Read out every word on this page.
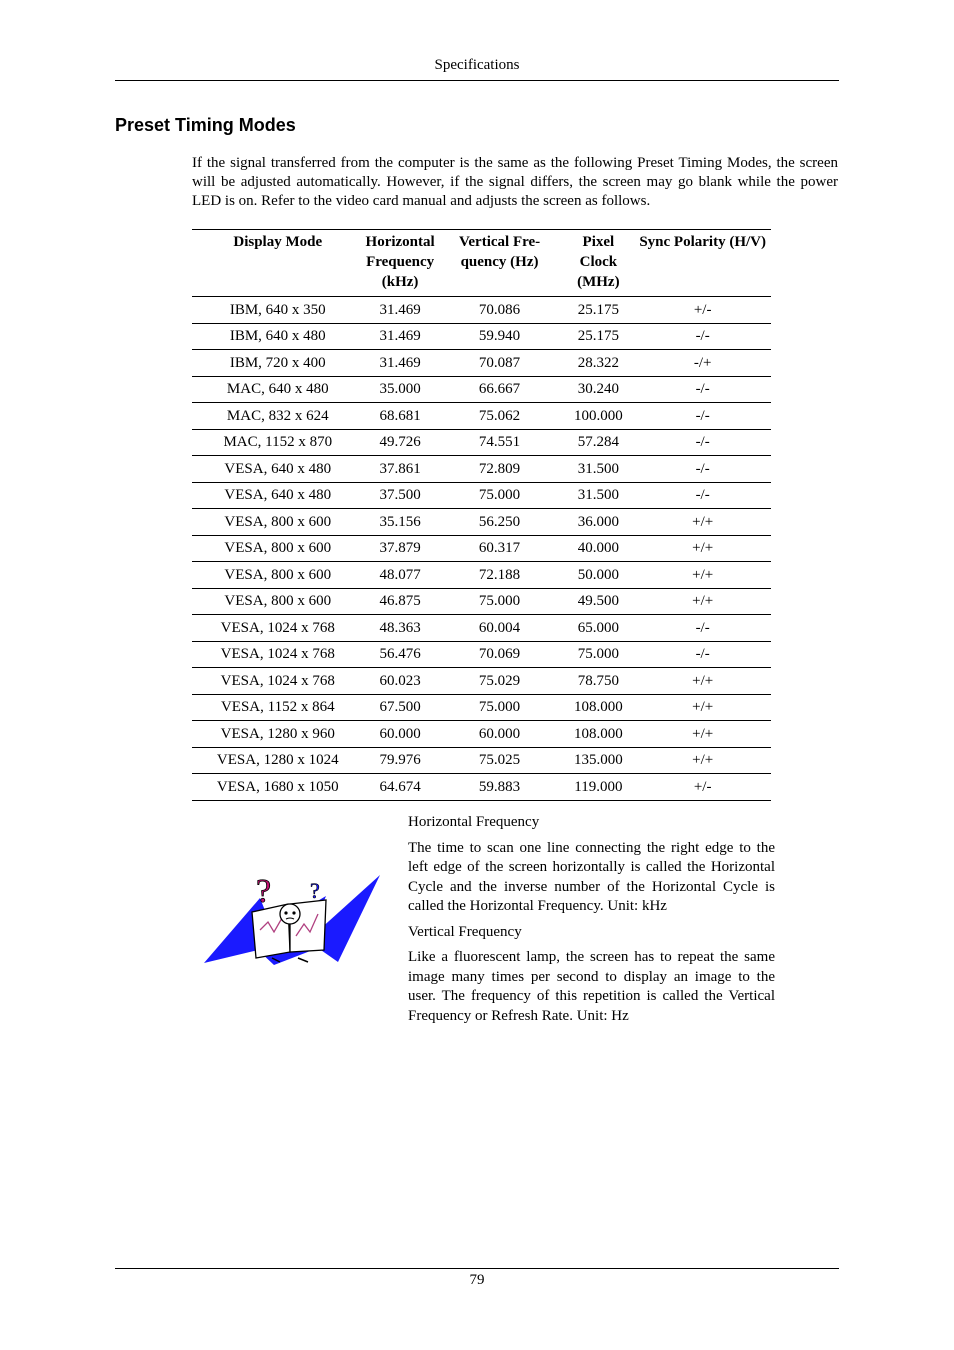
Specifications
Preset Timing Modes

If the signal transferred from the computer is the same as the following Preset Timing Modes, the screen will be adjusted automatically. However, if the signal differs, the screen may go blank while the power LED is on. Refer to the video card manual and adjusts the screen as follows.

Display Mode	Horizontal Frequency (kHz)	Vertical Fre-quency (Hz)	Pixel Clock (MHz)	Sync Polarity (H/V)
IBM, 640 x 350	31.469	70.086	25.175	+/-
IBM, 640 x 480	31.469	59.940	25.175	-/-
IBM, 720 x 400	31.469	70.087	28.322	-/+
MAC, 640 x 480	35.000	66.667	30.240	-/-
MAC, 832 x 624	68.681	75.062	100.000	-/-
MAC, 1152 x 870	49.726	74.551	57.284	-/-
VESA, 640 x 480	37.861	72.809	31.500	-/-
VESA, 640 x 480	37.500	75.000	31.500	-/-
VESA, 800 x 600	35.156	56.250	36.000	+/+
VESA, 800 x 600	37.879	60.317	40.000	+/+
VESA, 800 x 600	48.077	72.188	50.000	+/+
VESA, 800 x 600	46.875	75.000	49.500	+/+
VESA, 1024 x 768	48.363	60.004	65.000	-/-
VESA, 1024 x 768	56.476	70.069	75.000	-/-
VESA, 1024 x 768	60.023	75.029	78.750	+/+
VESA, 1152 x 864	67.500	75.000	108.000	+/+
VESA, 1280 x 960	60.000	60.000	108.000	+/+
VESA, 1280 x 1024	79.976	75.025	135.000	+/+
VESA, 1680 x 1050	64.674	59.883	119.000	+/-
? ?

Horizontal Frequency

The time to scan one line connecting the right edge to the left edge of the screen horizontally is called the Horizontal Cycle and the inverse number of the Horizontal Cycle is called the Horizontal Frequency. Unit: kHz

Vertical Frequency

Like a fluorescent lamp, the screen has to repeat the same image many times per second to display an image to the user. The frequency of this repetition is called the Vertical Frequency or Refresh Rate. Unit: Hz

79
